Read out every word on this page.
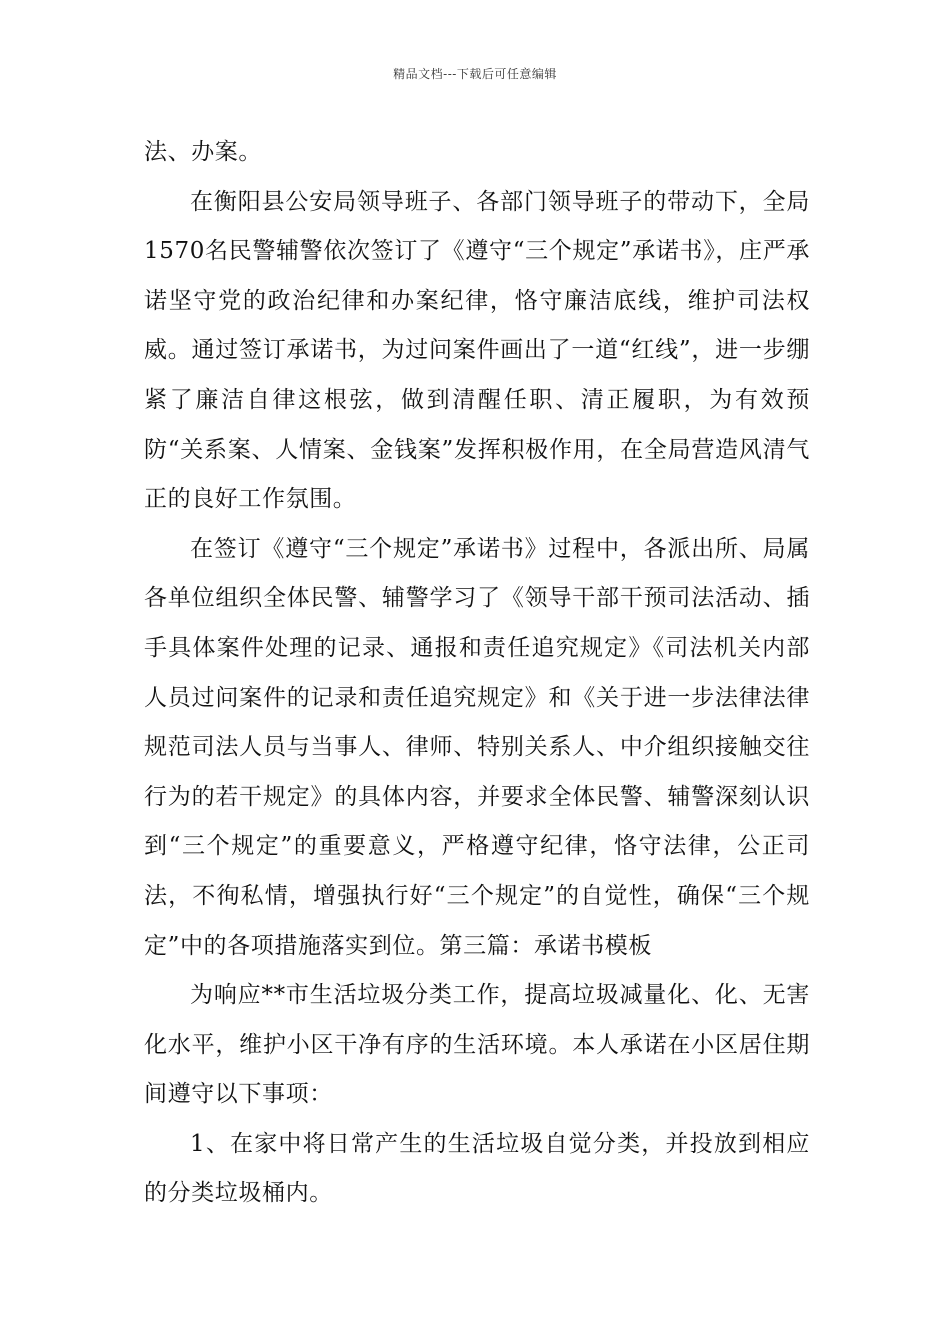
精品文档---下载后可任意编辑

法、办案。

在衡阳县公安局领导班子、各部门领导班子的带动下，全局1570名民警辅警依次签订了《遵守“三个规定”承诺书》，庄严承诺坚守党的政治纪律和办案纪律，恪守廉洁底线，维护司法权威。通过签订承诺书，为过问案件画出了一道“红线”，进一步绷紧了廉洁自律这根弦，做到清醒任职、清正履职，为有效预防“关系案、人情案、金钱案”发挥积极作用，在全局营造风清气正的良好工作氛围。

在签订《遵守“三个规定”承诺书》过程中，各派出所、局属各单位组织全体民警、辅警学习了《领导干部干预司法活动、插手具体案件处理的记录、通报和责任追究规定》《司法机关内部人员过问案件的记录和责任追究规定》和《关于进一步法律法律规范司法人员与当事人、律师、特别关系人、中介组织接触交往行为的若干规定》的具体内容，并要求全体民警、辅警深刻认识到“三个规定”的重要意义，严格遵守纪律，恪守法律，公正司法，不徇私情，增强执行好“三个规定”的自觉性，确保“三个规定”中的各项措施落实到位。第三篇：承诺书模板

为响应**市生活垃圾分类工作，提高垃圾减量化、化、无害化水平，维护小区干净有序的生活环境。本人承诺在小区居住期间遵守以下事项：

1、在家中将日常产生的生活垃圾自觉分类，并投放到相应的分类垃圾桶内。
